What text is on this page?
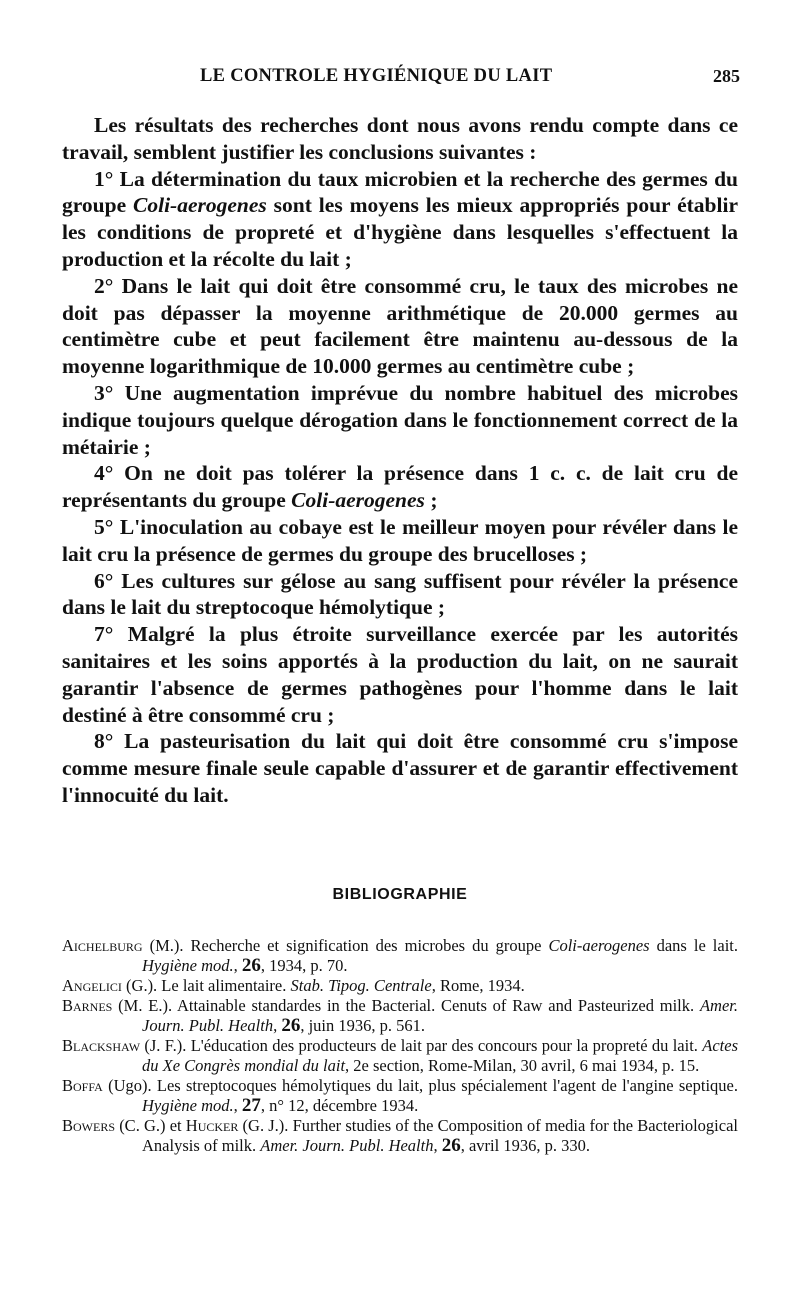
LE CONTROLE HYGIÉNIQUE DU LAIT	285

Les résultats des recherches dont nous avons rendu compte dans ce travail, semblent justifier les conclusions suivantes :

1° La détermination du taux microbien et la recherche des germes du groupe Coli-aerogenes sont les moyens les mieux appropriés pour établir les conditions de propreté et d'hygiène dans lesquelles s'effectuent la production et la récolte du lait ;

2° Dans le lait qui doit être consommé cru, le taux des microbes ne doit pas dépasser la moyenne arithmétique de 20.000 germes au centimètre cube et peut facilement être maintenu au-dessous de la moyenne logarithmique de 10.000 germes au centimètre cube ;

3° Une augmentation imprévue du nombre habituel des microbes indique toujours quelque dérogation dans le fonctionnement correct de la métairie ;

4° On ne doit pas tolérer la présence dans 1 c. c. de lait cru de représentants du groupe Coli-aerogenes ;

5° L'inoculation au cobaye est le meilleur moyen pour révéler dans le lait cru la présence de germes du groupe des brucelloses ;

6° Les cultures sur gélose au sang suffisent pour révéler la présence dans le lait du streptocoque hémolytique ;

7° Malgré la plus étroite surveillance exercée par les autorités sanitaires et les soins apportés à la production du lait, on ne saurait garantir l'absence de germes pathogènes pour l'homme dans le lait destiné à être consommé cru ;

8° La pasteurisation du lait qui doit être consommé cru s'impose comme mesure finale seule capable d'assurer et de garantir effectivement l'innocuité du lait.

BIBLIOGRAPHIE
Aichelburg (M.). Recherche et signification des microbes du groupe Coli-aerogenes dans le lait. Hygiène mod., 26, 1934, p. 70.
Angelici (G.). Le lait alimentaire. Stab. Tipog. Centrale, Rome, 1934.
Barnes (M. E.). Attainable standardes in the Bacterial. Cenuts of Raw and Pasteurized milk. Amer. Journ. Publ. Health, 26, juin 1936, p. 561.
Blackshaw (J. F.). L'éducation des producteurs de lait par des concours pour la propreté du lait. Actes du Xe Congrès mondial du lait, 2e section, Rome-Milan, 30 avril, 6 mai 1934, p. 15.
Boffa (Ugo). Les streptocoques hémolytiques du lait, plus spécialement l'agent de l'angine septique. Hygiène mod., 27, n° 12, décembre 1934.
Bowers (C. G.) et Hucker (G. J.). Further studies of the Composition of media for the Bacteriological Analysis of milk. Amer. Journ. Publ. Health, 26, avril 1936, p. 330.
